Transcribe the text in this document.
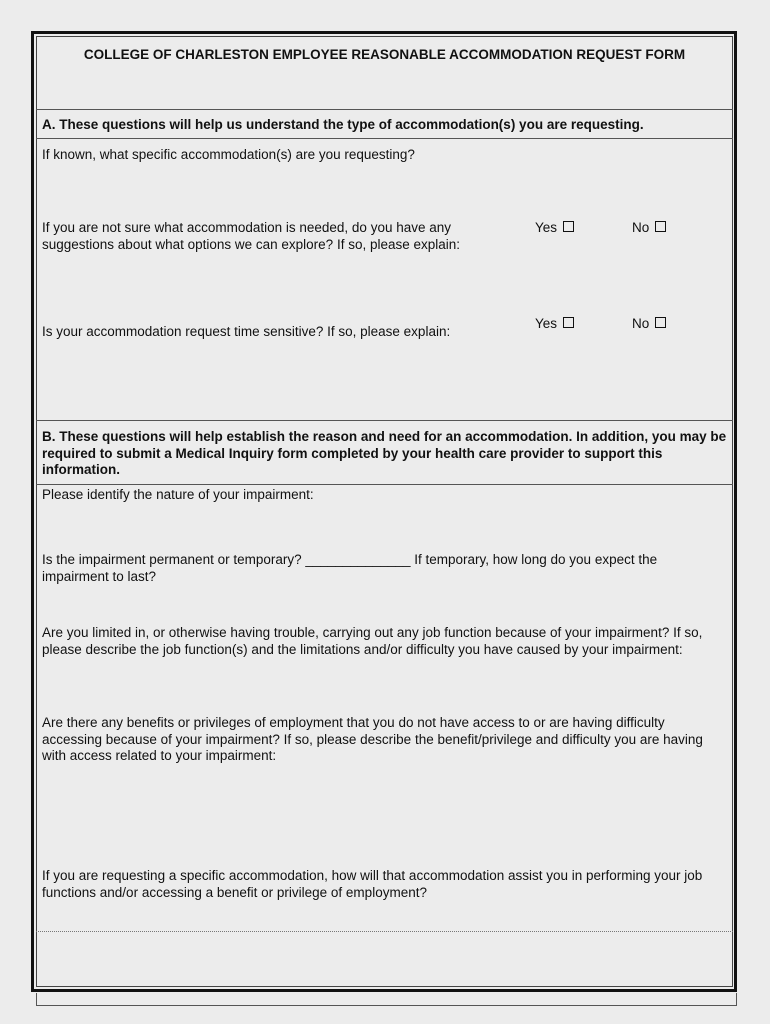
COLLEGE OF CHARLESTON EMPLOYEE REASONABLE ACCOMMODATION REQUEST FORM
A. These questions will help us understand the type of accommodation(s) you are requesting.
If known, what specific accommodation(s) are you requesting?
If you are not sure what accommodation is needed, do you have any suggestions about what options we can explore? If so, please explain:
Yes	No
Yes	No
Is your accommodation request time sensitive? If so, please explain:
B. These questions will help establish the reason and need for an accommodation. In addition, you may be required to submit a Medical Inquiry form completed by your health care provider to support this information.
Please identify the nature of your impairment:
Is the impairment permanent or temporary? ______________ If temporary, how long do you expect the impairment to last?
Are you limited in, or otherwise having trouble, carrying out any job function because of your impairment? If so, please describe the job function(s) and the limitations and/or difficulty you have caused by your impairment:
Are there any benefits or privileges of employment that you do not have access to or are having difficulty accessing because of your impairment? If so, please describe the benefit/privilege and difficulty you are having with access related to your impairment:
If you are requesting a specific accommodation, how will that accommodation assist you in performing your job functions and/or accessing a benefit or privilege of employment?
